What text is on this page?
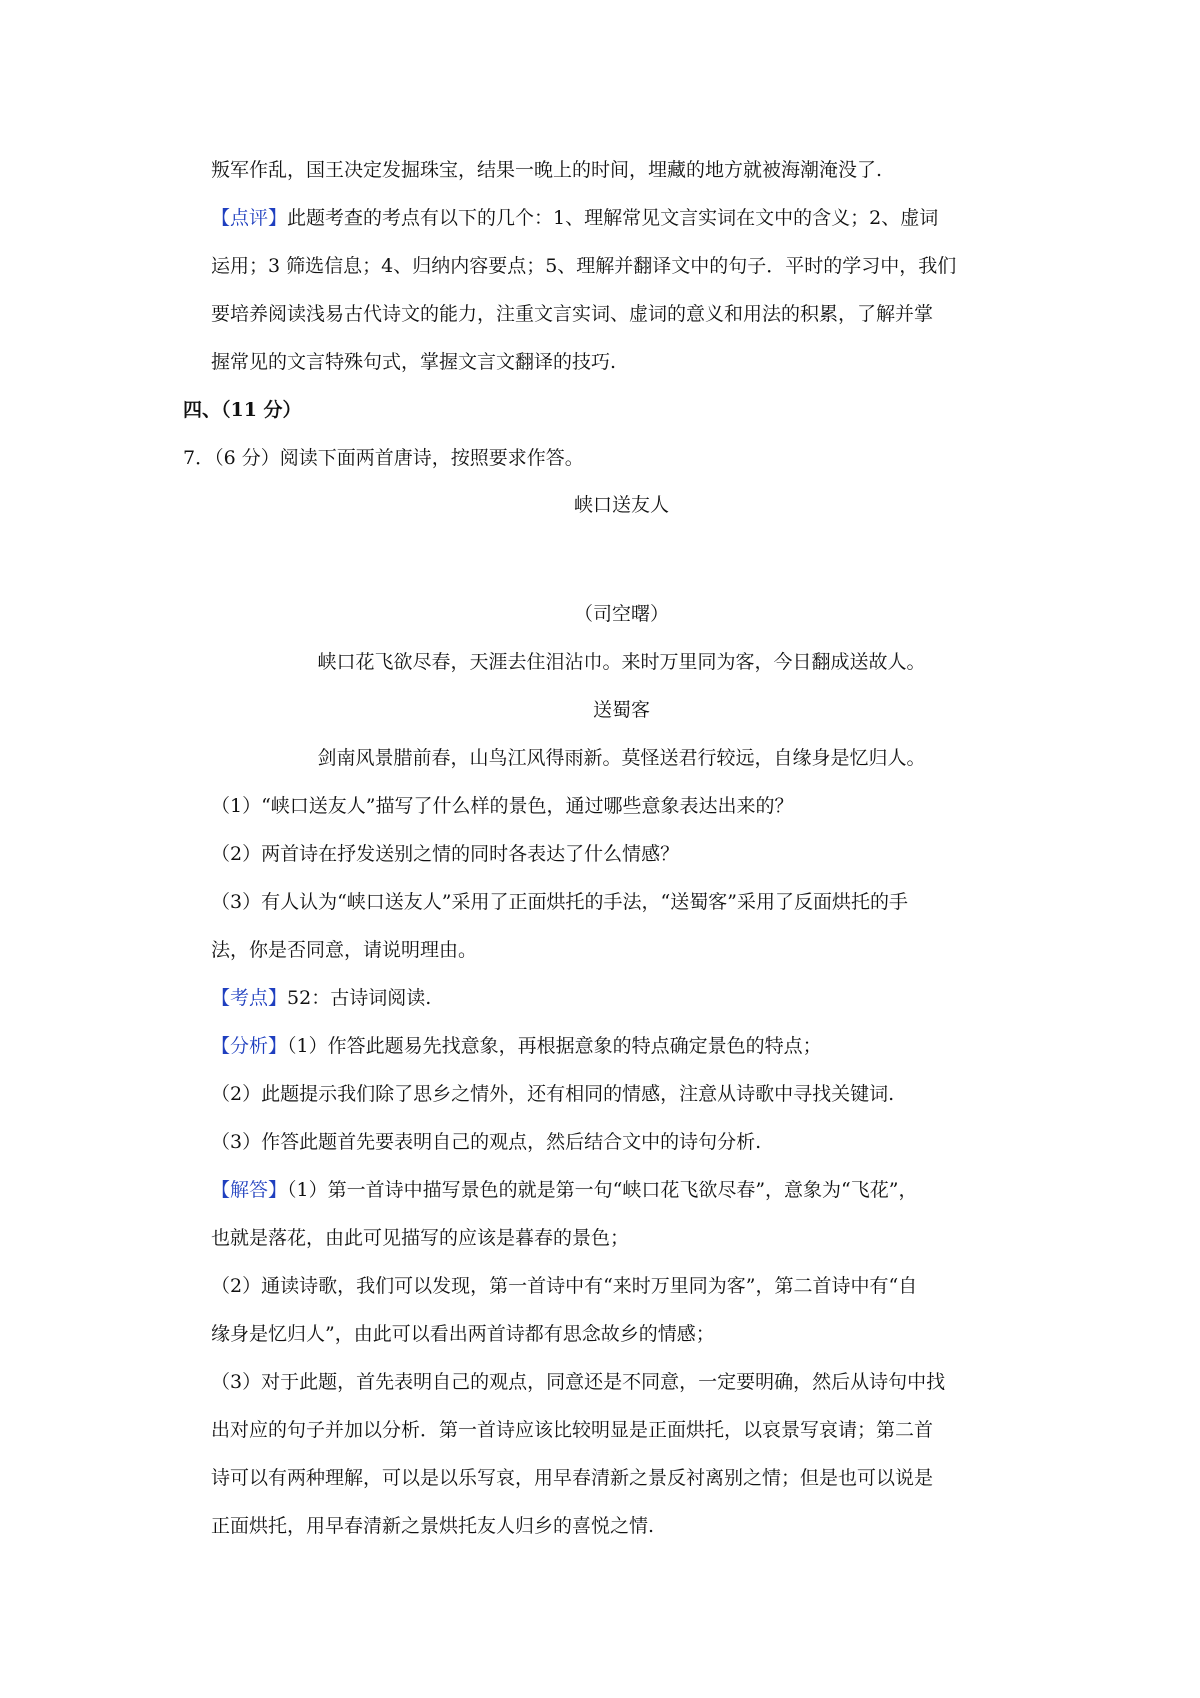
叛军作乱，国王决定发掘珠宝，结果一晚上的时间，埋藏的地方就被海潮淹没了.
【点评】此题考查的考点有以下的几个：1、理解常见文言实词在文中的含义；2、虚词
运用；3 筛选信息；4、归纳内容要点；5、理解并翻译文中的句子．平时的学习中，我们
要培养阅读浅易古代诗文的能力，注重文言实词、虚词的意义和用法的积累，了解并掌
握常见的文言特殊句式，掌握文言文翻译的技巧.
四、（11 分）
7．（6 分）阅读下面两首唐诗，按照要求作答。
峡口送友人
（司空曙）
峡口花飞欲尽春，天涯去住泪沾巾。来时万里同为客，今日翻成送故人。
送蜀客
剑南风景腊前春，山鸟江风得雨新。莫怪送君行较远，自缘身是忆归人。
（1）“峡口送友人”描写了什么样的景色，通过哪些意象表达出来的？
（2）两首诗在抒发送别之情的同时各表达了什么情感？
（3）有人认为“峡口送友人”采用了正面烘托的手法，“送蜀客”采用了反面烘托的手
法，你是否同意，请说明理由。
【考点】52：古诗词阅读.
【分析】（1）作答此题易先找意象，再根据意象的特点确定景色的特点；
（2）此题提示我们除了思乡之情外，还有相同的情感，注意从诗歌中寻找关键词.
（3）作答此题首先要表明自己的观点，然后结合文中的诗句分析.
【解答】（1）第一首诗中描写景色的就是第一句“峡口花飞欲尽春”，意象为“飞花”，
也就是落花，由此可见描写的应该是暮春的景色；
（2）通读诗歌，我们可以发现，第一首诗中有“来时万里同为客”，第二首诗中有“自
缘身是忆归人”，由此可以看出两首诗都有思念故乡的情感；
（3）对于此题，首先表明自己的观点，同意还是不同意，一定要明确，然后从诗句中找
出对应的句子并加以分析．第一首诗应该比较明显是正面烘托，以哀景写哀请；第二首
诗可以有两种理解，可以是以乐写哀，用早春清新之景反衬离别之情；但是也可以说是
正面烘托，用早春清新之景烘托友人归乡的喜悦之情.
